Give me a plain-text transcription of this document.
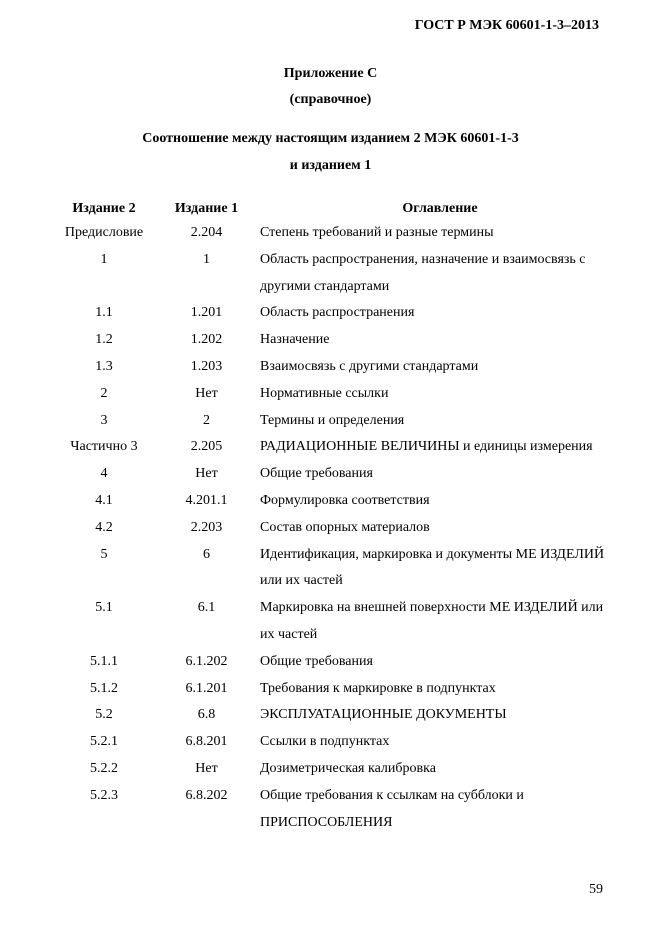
ГОСТ Р МЭК 60601-1-3–2013
Приложение С
(справочное)
Соотношение между настоящим изданием 2 МЭК 60601-1-3
и изданием 1
Издание 2	Издание 1	Оглавление
Предисловие	2.204	Степень требований и разные термины
1	1	Область распространения, назначение и взаимосвязь с другими стандартами
1.1	1.201	Область распространения
1.2	1.202	Назначение
1.3	1.203	Взаимосвязь с другими стандартами
2	Нет	Нормативные ссылки
3	2	Термины и определения
Частично 3	2.205	РАДИАЦИОННЫЕ ВЕЛИЧИНЫ и единицы измерения
4	Нет	Общие требования
4.1	4.201.1	Формулировка соответствия
4.2	2.203	Состав опорных материалов
5	6	Идентификация, маркировка и документы МЕ ИЗДЕЛИЙ или их частей
5.1	6.1	Маркировка на внешней поверхности МЕ ИЗДЕЛИЙ или их частей
5.1.1	6.1.202	Общие требования
5.1.2	6.1.201	Требования к маркировке в подпунктах
5.2	6.8	ЭКСПЛУАТАЦИОННЫЕ ДОКУМЕНТЫ
5.2.1	6.8.201	Ссылки в подпунктах
5.2.2	Нет	Дозиметрическая калибровка
5.2.3	6.8.202	Общие требования к ссылкам на субблоки и ПРИСПОСОБЛЕНИЯ
59
